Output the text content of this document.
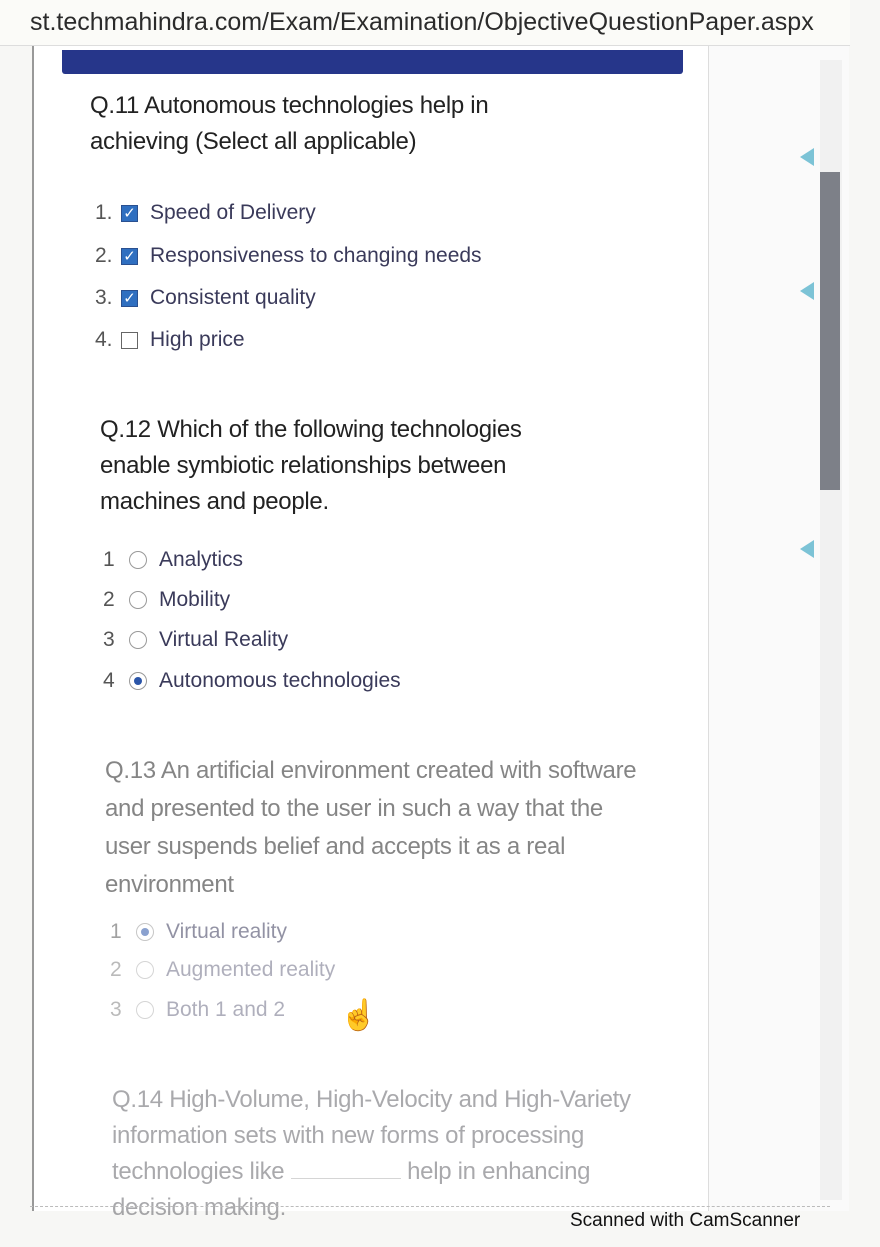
st.techmahindra.com/Exam/Examination/ObjectiveQuestionPaper.aspx
Q.11 Autonomous technologies help in achieving (Select all applicable)
1. ✓ Speed of Delivery
2. ✓ Responsiveness to changing needs
3. ✓ Consistent quality
4. High price
Q.12 Which of the following technologies enable symbiotic relationships between machines and people.
1	Analytics
2	Mobility
3	Virtual Reality
4	Autonomous technologies
Q.13 An artificial environment created with software and presented to the user in such a way that the user suspends belief and accepts it as a real environment
1	Virtual reality
2	Augmented reality
3	Both 1 and 2 ☝
Q.14 High-Volume, High-Velocity and High-Variety information sets with new forms of processing technologies like	help in enhancing decision making.	Scanned with CamScanner
